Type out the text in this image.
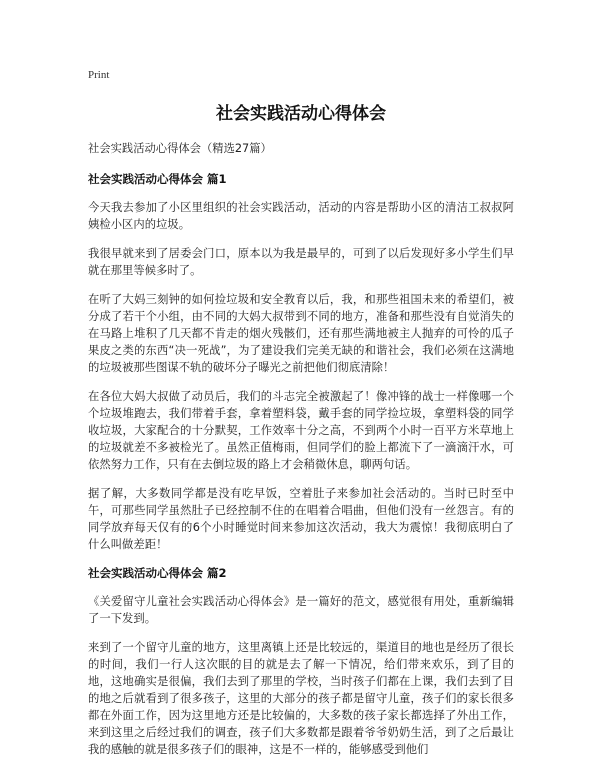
Print
社会实践活动心得体会
社会实践活动心得体会（精选27篇）
社会实践活动心得体会 篇1

今天我去参加了小区里组织的社会实践活动，活动的内容是帮助小区的清洁工叔叔阿姨检小区内的垃圾。

我很早就来到了居委会门口，原本以为我是最早的，可到了以后发现好多小学生们早就在那里等候多时了。

在听了大妈三刻钟的如何捡垃圾和安全教育以后，我，和那些祖国未来的希望们，被分成了若干个小组，由不同的大妈大叔带到不同的地方，准备和那些没有自觉消失的在马路上堆积了几天都不肯走的烟火残骸们，还有那些满地被主人抛弃的可怜的瓜子果皮之类的东西“决一死战”，为了建设我们完美无缺的和谐社会，我们必须在这满地的垃圾被那些图谋不轨的破坏分子曝光之前把他们彻底清除！

在各位大妈大叔做了动员后，我们的斗志完全被激起了！像冲锋的战士一样像哪一个个垃圾堆跑去，我们带着手套，拿着塑料袋，戴手套的同学捡垃圾，拿塑料袋的同学收垃圾，大家配合的十分默契，工作效率十分之高，不到两个小时一百平方米草地上的垃圾就差不多被检光了。虽然正值梅雨，但同学们的脸上都流下了一滴滴汗水，可依然努力工作，只有在去倒垃圾的路上才会稍微休息，聊两句话。

据了解，大多数同学都是没有吃早饭，空着肚子来参加社会活动的。当时已时至中午，可那些同学虽然肚子已经控制不住的在唱着合唱曲，但他们没有一丝怨言。有的同学放弃每天仅有的6个小时睡觉时间来参加这次活动，我大为震惊！我彻底明白了什么叫做差距！

社会实践活动心得体会 篇2

《关爱留守儿童社会实践活动心得体会》是一篇好的范文，感觉很有用处，重新编辑了一下发到。

来到了一个留守儿童的地方，这里离镇上还是比较远的，渠道目的地也是经历了很长的时间，我们一行人这次眠的目的就是去了解一下情况，给们带来欢乐，到了目的地，这地确实是很偏，我们去到了那里的学校，当时孩子们都在上课，我们去到了目的地之后就看到了很多孩子，这里的大部分的孩子都是留守儿童，孩子们的家长很多都在外面工作，因为这里地方还是比较偏的，大多数的孩子家长都选择了外出工作，来到这里之后经过我们的调查，孩子们大多数都是跟着爷爷奶奶生活，到了之后最让我的感触的就是很多孩子们的眼神，这是不一样的，能够感受到他们
